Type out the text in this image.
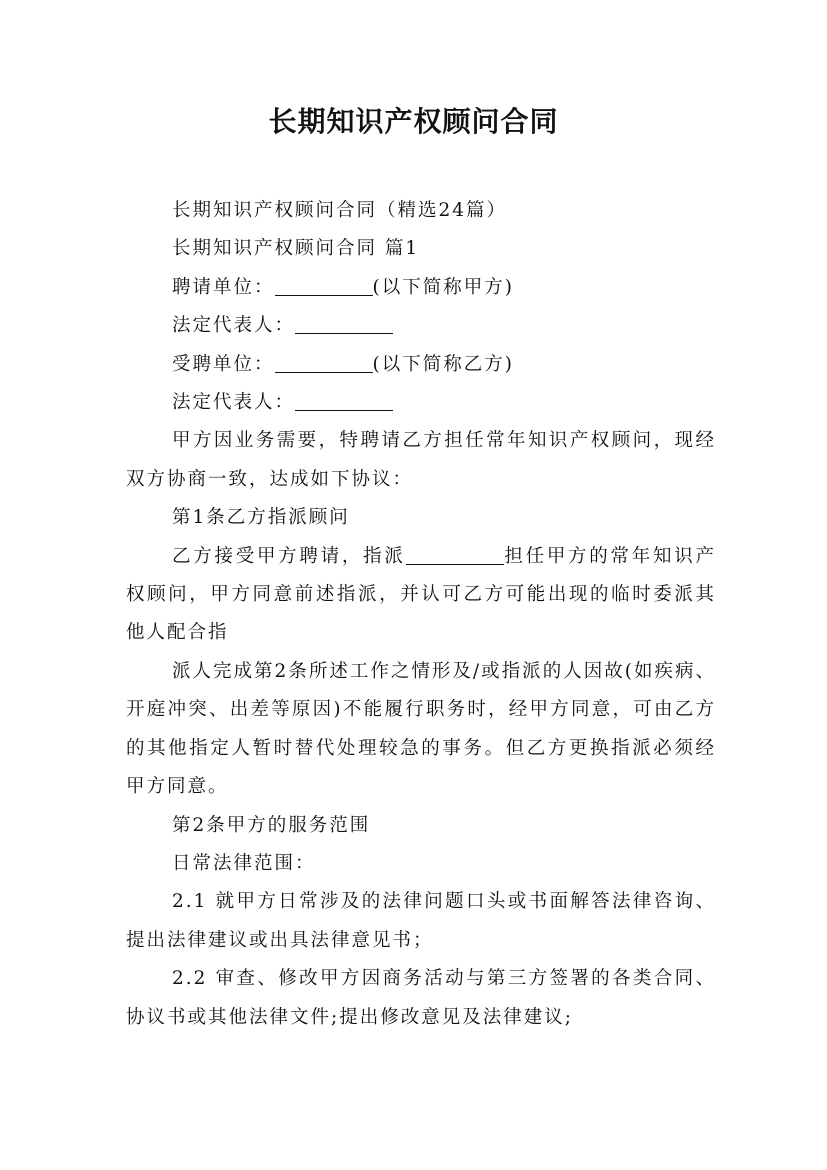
长期知识产权顾问合同

长期知识产权顾问合同（精选24篇）

长期知识产权顾问合同 篇1

聘请单位：	(以下简称甲方)

法定代表人：

受聘单位：	(以下简称乙方)

法定代表人：

甲方因业务需要，特聘请乙方担任常年知识产权顾问，现经双方协商一致，达成如下协议：

第1条乙方指派顾问

乙方接受甲方聘请，指派	担任甲方的常年知识产权顾问，甲方同意前述指派，并认可乙方可能出现的临时委派其他人配合指

派人完成第2条所述工作之情形及/或指派的人因故(如疾病、开庭冲突、出差等原因)不能履行职务时，经甲方同意，可由乙方的其他指定人暂时替代处理较急的事务。但乙方更换指派必须经甲方同意。

第2条甲方的服务范围

日常法律范围：

2.1 就甲方日常涉及的法律问题口头或书面解答法律咨询、提出法律建议或出具法律意见书；

2.2 审查、修改甲方因商务活动与第三方签署的各类合同、协议书或其他法律文件;提出修改意见及法律建议;
